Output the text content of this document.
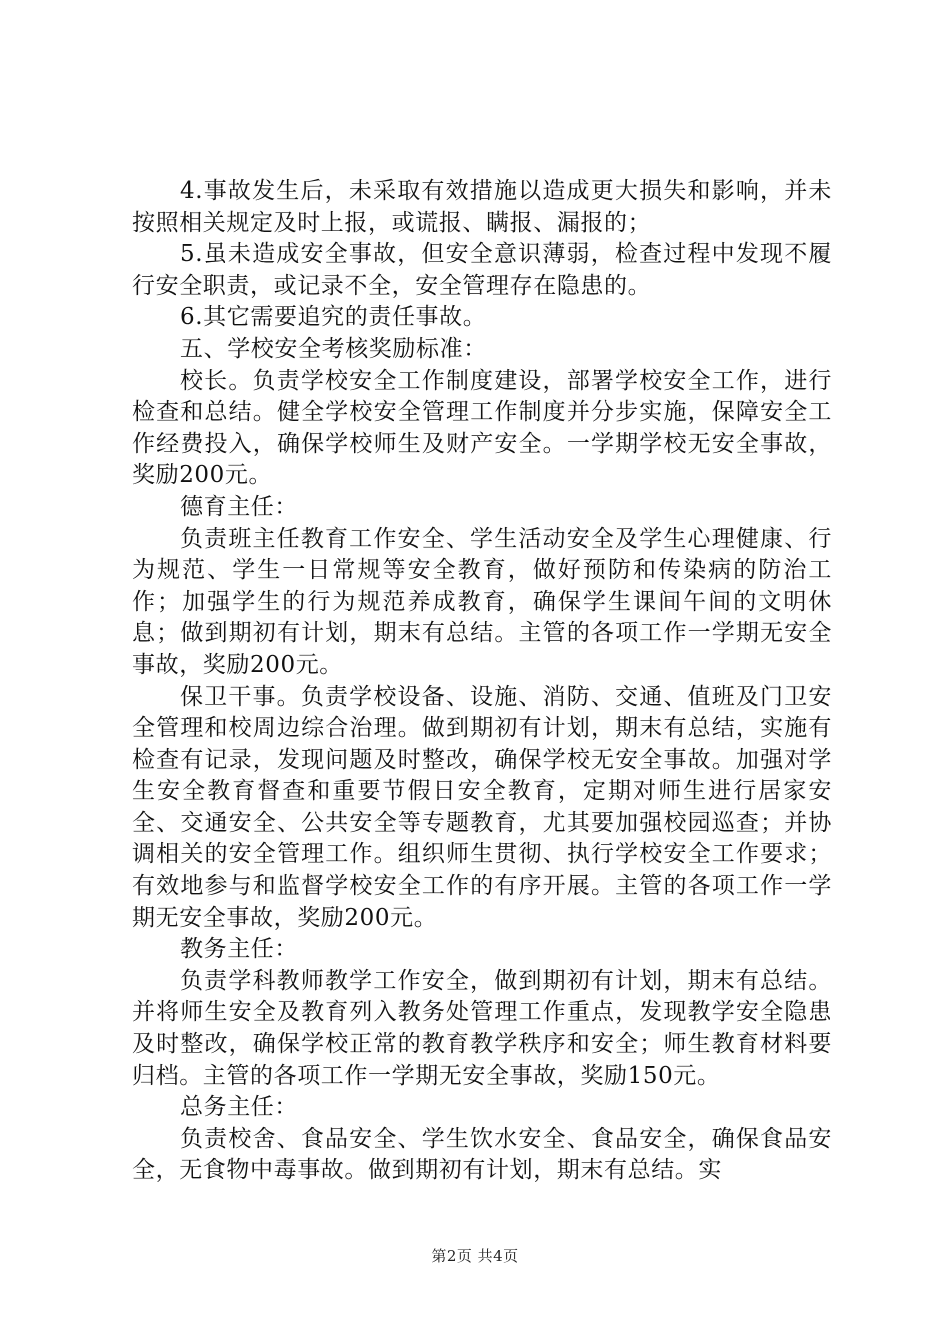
4.事故发生后，未采取有效措施以造成更大损失和影响，并未按照相关规定及时上报，或谎报、瞒报、漏报的；

5.虽未造成安全事故，但安全意识薄弱，检查过程中发现不履行安全职责，或记录不全，安全管理存在隐患的。

6.其它需要追究的责任事故。

五、学校安全考核奖励标准：

校长。负责学校安全工作制度建设，部署学校安全工作，进行检查和总结。健全学校安全管理工作制度并分步实施，保障安全工作经费投入，确保学校师生及财产安全。一学期学校无安全事故，奖励200元。

德育主任：

负责班主任教育工作安全、学生活动安全及学生心理健康、行为规范、学生一日常规等安全教育，做好预防和传染病的防治工作；加强学生的行为规范养成教育，确保学生课间午间的文明休息；做到期初有计划，期末有总结。主管的各项工作一学期无安全事故，奖励200元。

保卫干事。负责学校设备、设施、消防、交通、值班及门卫安全管理和校周边综合治理。做到期初有计划，期末有总结，实施有检查有记录，发现问题及时整改，确保学校无安全事故。加强对学生安全教育督查和重要节假日安全教育，定期对师生进行居家安全、交通安全、公共安全等专题教育，尤其要加强校园巡查；并协调相关的安全管理工作。组织师生贯彻、执行学校安全工作要求；有效地参与和监督学校安全工作的有序开展。主管的各项工作一学期无安全事故，奖励200元。

教务主任：

负责学科教师教学工作安全，做到期初有计划，期末有总结。并将师生安全及教育列入教务处管理工作重点，发现教学安全隐患及时整改，确保学校正常的教育教学秩序和安全；师生教育材料要归档。主管的各项工作一学期无安全事故，奖励150元。

总务主任：

负责校舍、食品安全、学生饮水安全、食品安全，确保食品安全，无食物中毒事故。做到期初有计划，期末有总结。实

第2页 共4页
